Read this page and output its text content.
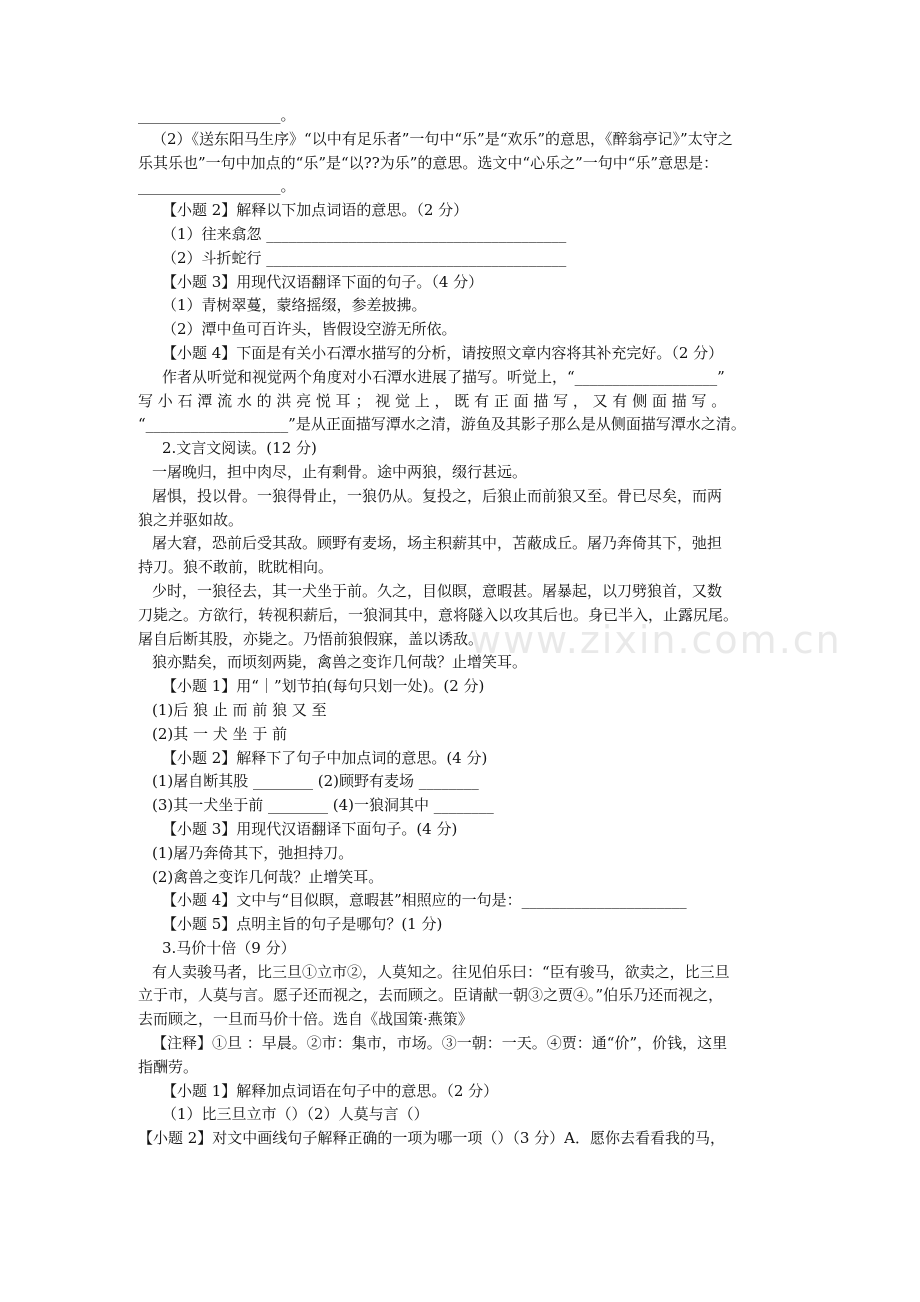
www.zixin.com.cn
___________________。
（2）《送东阳马生序》“以中有足乐者”一句中“乐”是“欢乐”的意思，《醉翁亭记》”太守之
乐其乐也”一句中加点的“乐”是“以??为乐”的意思。选文中“心乐之”一句中“乐”意思是：
___________________。
【小题 2】解释以下加点词语的意思。（2 分）
（1）往来翕忽 ________________________________________
（2）斗折蛇行 ________________________________________
【小题 3】用现代汉语翻译下面的句子。（4 分）
（1）青树翠蔓，蒙络摇缀，参差披拂。
（2）潭中鱼可百许头，皆假设空游无所依。
【小题 4】下面是有关小石潭水描写的分析，请按照文章内容将其补充完好。（2 分）
作者从听觉和视觉两个角度对小石潭水进展了描写。听觉上，“___________________”
写 小 石 潭 流 水 的 洪 亮 悦 耳 ； 视 觉 上 ， 既 有 正 面 描 写 ， 又 有 侧 面 描 写 。
“___________________”是从正面描写潭水之清，游鱼及其影子那么是从侧面描写潭水之清。
2.文言文阅读。(12 分)
一屠晚归，担中肉尽，止有剩骨。途中两狼，缀行甚远。
屠惧，投以骨。一狼得骨止，一狼仍从。复投之，后狼止而前狼又至。骨已尽矣，而两
狼之并驱如故。
屠大窘，恐前后受其敌。顾野有麦场，场主积薪其中，苫蔽成丘。屠乃奔倚其下，弛担
持刀。狼不敢前，眈眈相向。
少时，一狼径去，其一犬坐于前。久之，目似瞑，意暇甚。屠暴起，以刀劈狼首，又数
刀毙之。方欲行，转视积薪后，一狼洞其中，意将隧入以攻其后也。身已半入，止露尻尾。
屠自后断其股，亦毙之。乃悟前狼假寐，盖以诱敌。
狼亦黠矣，而顷刻两毙，禽兽之变诈几何哉？止增笑耳。
【小题 1】用“｜”划节拍(每句只划一处)。(2 分)
(1)后 狼 止 而 前 狼 又 至
(2)其 一 犬 坐 于 前
【小题 2】解释下了句子中加点词的意思。(4 分)
(1)屠自断其股 ________ (2)顾野有麦场 ________
(3)其一犬坐于前 ________ (4)一狼洞其中 ________
【小题 3】用现代汉语翻译下面句子。(4 分)
(1)屠乃奔倚其下，弛担持刀。
(2)禽兽之变诈几何哉？止增笑耳。
【小题 4】文中与“目似瞑，意暇甚”相照应的一句是：______________________
【小题 5】点明主旨的句子是哪句？(1 分)
3.马价十倍（9 分）
有人卖骏马者，比三旦①立市②，人莫知之。往见伯乐曰：“臣有骏马，欲卖之，比三旦
立于市，人莫与言。愿子还而视之，去而顾之。臣请献一朝③之贾④。”伯乐乃还而视之，
去而顾之，一旦而马价十倍。选自《战国策·燕策》
【注释】①旦 ：早晨。②市：集市，市场。③一朝：一天。④贾：通“价”，价钱，这里
指酬劳。
【小题 1】解释加点词语在句子中的意思。（2 分）
（1）比三旦立市（）（2）人莫与言（）
【小题 2】对文中画线句子解释正确的一项为哪一项（）（3 分）A．愿你去看看我的马，
